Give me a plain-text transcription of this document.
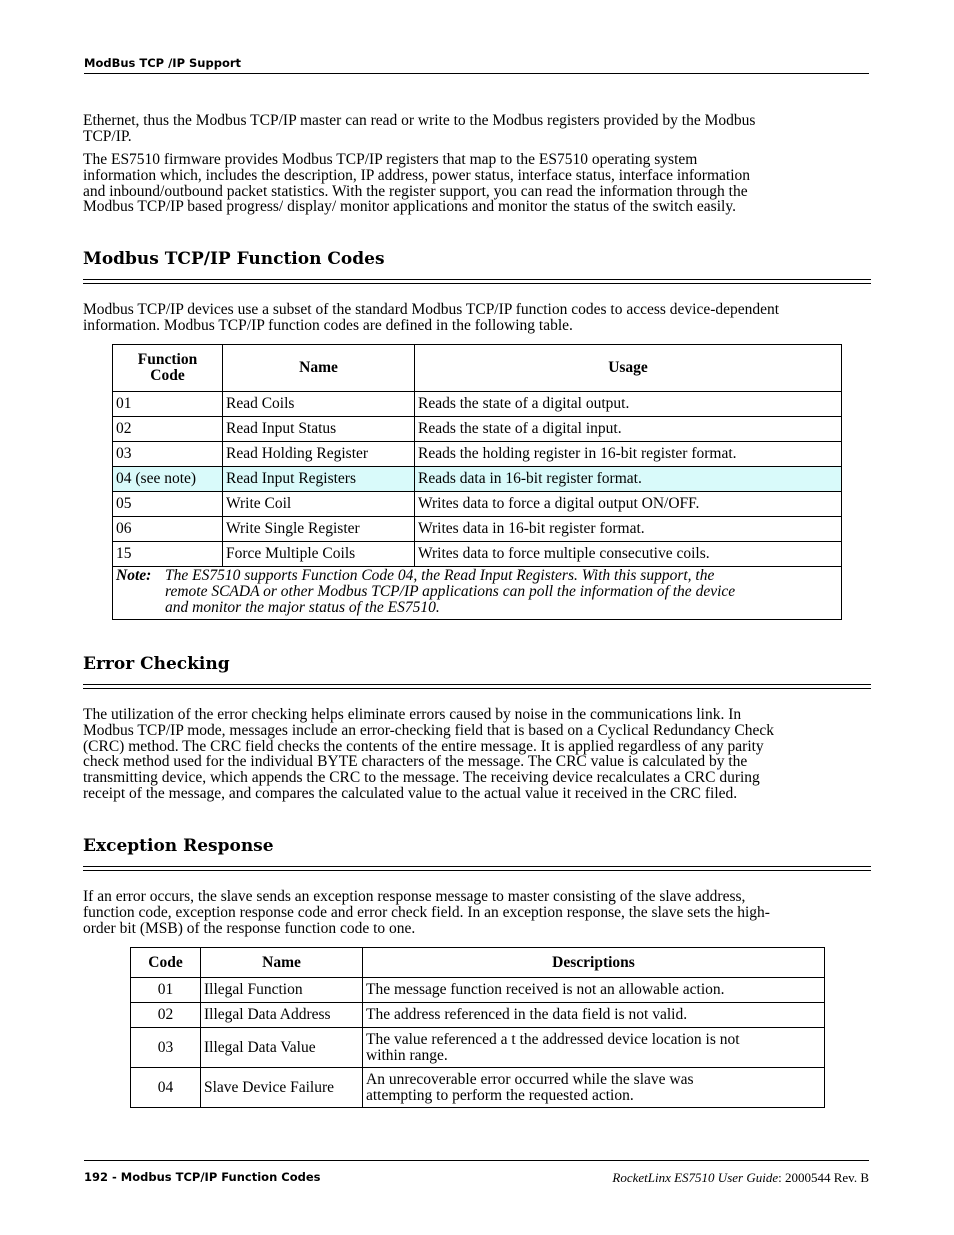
ModBus TCP /IP Support
Ethernet, thus the Modbus TCP/IP master can read or write to the Modbus registers provided by the Modbus
TCP/IP.
The ES7510 firmware provides Modbus TCP/IP registers that map to the ES7510 operating system
information which, includes the description, IP address, power status, interface status, interface information
and inbound/outbound packet statistics. With the register support, you can read the information through the
Modbus TCP/IP based progress/ display/ monitor applications and monitor the status of the switch easily.
Modbus TCP/IP Function Codes
Modbus TCP/IP devices use a subset of the standard Modbus TCP/IP function codes to access device-dependent
information. Modbus TCP/IP function codes are defined in the following table.
Function Code	Name	Usage
01	Read Coils	Reads the state of a digital output.
02	Read Input Status	Reads the state of a digital input.
03	Read Holding Register	Reads the holding register in 16-bit register format.
04 (see note)	Read Input Registers	Reads data in 16-bit register format.
05	Write Coil	Writes data to force a digital output ON/OFF.
06	Write Single Register	Writes data in 16-bit register format.
15	Force Multiple Coils	Writes data to force multiple consecutive coils.

Note: The ES7510 supports Function Code 04, the Read Input Registers. With this support, the
remote SCADA or other Modbus TCP/IP applications can poll the information of the device
and monitor the major status of the ES7510.		
Error Checking
The utilization of the error checking helps eliminate errors caused by noise in the communications link. In
Modbus TCP/IP mode, messages include an error-checking field that is based on a Cyclical Redundancy Check
(CRC) method. The CRC field checks the contents of the entire message. It is applied regardless of any parity
check method used for the individual BYTE characters of the message. The CRC value is calculated by the
transmitting device, which appends the CRC to the message. The receiving device recalculates a CRC during
receipt of the message, and compares the calculated value to the actual value it received in the CRC filed.
Exception Response
If an error occurs, the slave sends an exception response message to master consisting of the slave address,
function code, exception response code and error check field. In an exception response, the slave sets the high-
order bit (MSB) of the response function code to one.
Code	Name	Descriptions
01	Illegal Function	The message function received is not an allowable action.

02	Illegal Data Address	The address referenced in the data field is not valid.

03	Illegal Data Value	The value referenced a t the addressed device location is not
within range.

04	Slave Device Failure	An unrecoverable error occurred while the slave was
attempting to perform the requested action.
192 - Modbus TCP/IP Function Codes	RocketLinx ES7510 User Guide: 2000544 Rev. B
